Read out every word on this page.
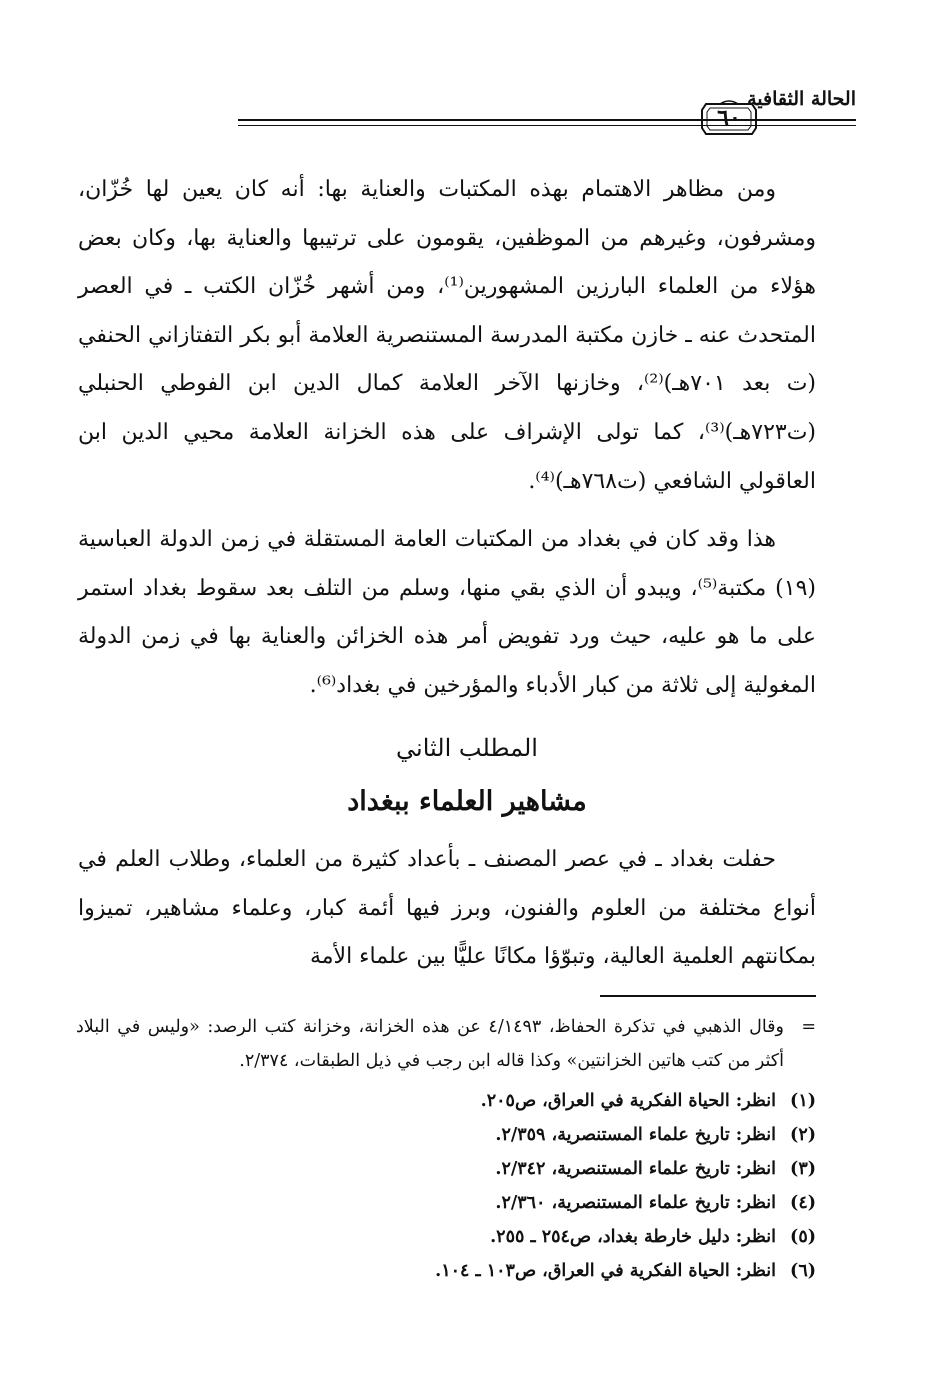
الحالة الثقافية
٦٠

ومن مظاهر الاهتمام بهذه المكتبات والعناية بها: أنه كان يعين لها خُزّان، ومشرفون، وغيرهم من الموظفين، يقومون على ترتيبها والعناية بها، وكان بعض هؤلاء من العلماء البارزين المشهورين⁽¹⁾، ومن أشهر خُزّان الكتب ـ في العصر المتحدث عنه ـ خازن مكتبة المدرسة المستنصرية العلامة أبو بكر التفتازاني الحنفي (ت بعد ٧٠١هـ)⁽²⁾، وخازنها الآخر العلامة كمال الدين ابن الفوطي الحنبلي (ت٧٢٣هـ)⁽³⁾، كما تولى الإشراف على هذه الخزانة العلامة محيي الدين ابن العاقولي الشافعي (ت٧٦٨هـ)⁽⁴⁾.

هذا وقد كان في بغداد من المكتبات العامة المستقلة في زمن الدولة العباسية (١٩) مكتبة⁽⁵⁾، ويبدو أن الذي بقي منها، وسلم من التلف بعد سقوط بغداد استمر على ما هو عليه، حيث ورد تفويض أمر هذه الخزائن والعناية بها في زمن الدولة المغولية إلى ثلاثة من كبار الأدباء والمؤرخين في بغداد⁽⁶⁾.

المطلب الثاني
مشاهير العلماء ببغداد

حفلت بغداد ـ في عصر المصنف ـ بأعداد كثيرة من العلماء، وطلاب العلم في أنواع مختلفة من العلوم والفنون، وبرز فيها أئمة كبار، وعلماء مشاهير، تميزوا بمكانتهم العلمية العالية، وتبوّؤا مكانًا عليًّا بين علماء الأمة

=
وقال الذهبي في تذكرة الحفاظ، ٤/١٤٩٣ عن هذه الخزانة، وخزانة كتب الرصد: «وليس في البلاد أكثر من كتب هاتين الخزانتين» وكذا قاله ابن رجب في ذيل الطبقات، ٢/٣٧٤.
(١)
انظر: الحياة الفكرية في العراق، ص٢٠٥.
(٢)
انظر: تاريخ علماء المستنصرية، ٢/٣٥٩.
(٣)
انظر: تاريخ علماء المستنصرية، ٢/٣٤٢.
(٤)
انظر: تاريخ علماء المستنصرية، ٢/٣٦٠.
(٥)
انظر: دليل خارطة بغداد، ص٢٥٤ ـ ٢٥٥.
(٦)
انظر: الحياة الفكرية في العراق، ص١٠٣ ـ ١٠٤.
